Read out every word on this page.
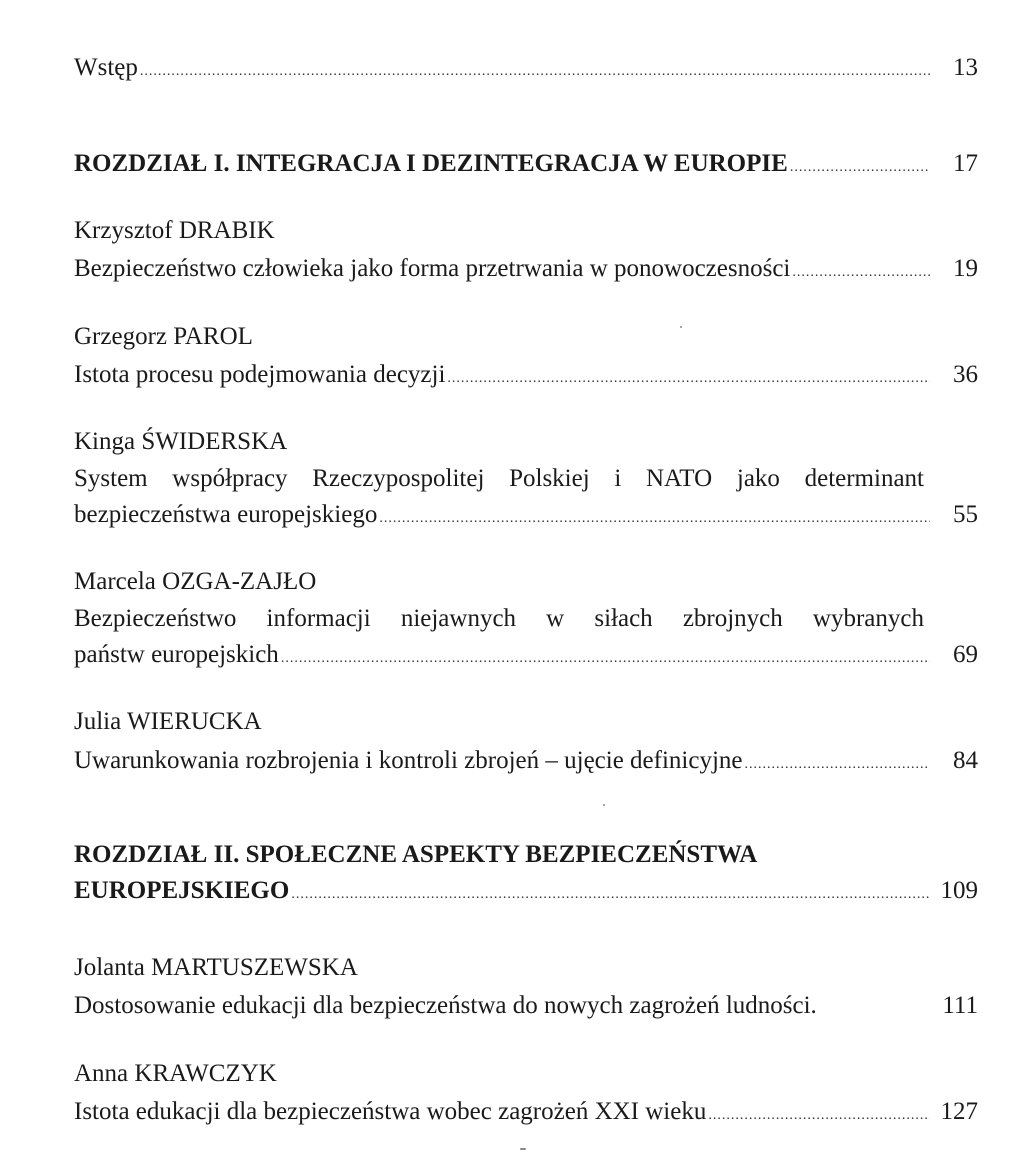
Wstęp .....	13
ROZDZIAŁ I. INTEGRACJA I DEZINTEGRACJA W EUROPIE .....	17
Krzysztof DRABIK
Bezpieczeństwo człowieka jako forma przetrwania w ponowoczesności .....	19
Grzegorz PAROL
Istota procesu podejmowania decyzji .....	36
Kinga ŚWIDERSKA
System współpracy Rzeczypospolitej Polskiej i NATO jako determinant
bezpieczeństwa europejskiego .....	55
Marcela OZGA-ZAJŁO
Bezpieczeństwo informacji niejawnych w siłach zbrojnych wybranych
państw europejskich .....	69
Julia WIERUCKA
Uwarunkowania rozbrojenia i kontroli zbrojeń – ujęcie definicyjne .....	84
ROZDZIAŁ II. SPOŁECZNE ASPEKTY BEZPIECZEŃSTWA
EUROPEJSKIEGO .....	109
Jolanta MARTUSZEWSKA
Dostosowanie edukacji dla bezpieczeństwa do nowych zagrożeń ludności.	111
Anna KRAWCZYK
Istota edukacji dla bezpieczeństwa wobec zagrożeń XXI wieku .....	127
